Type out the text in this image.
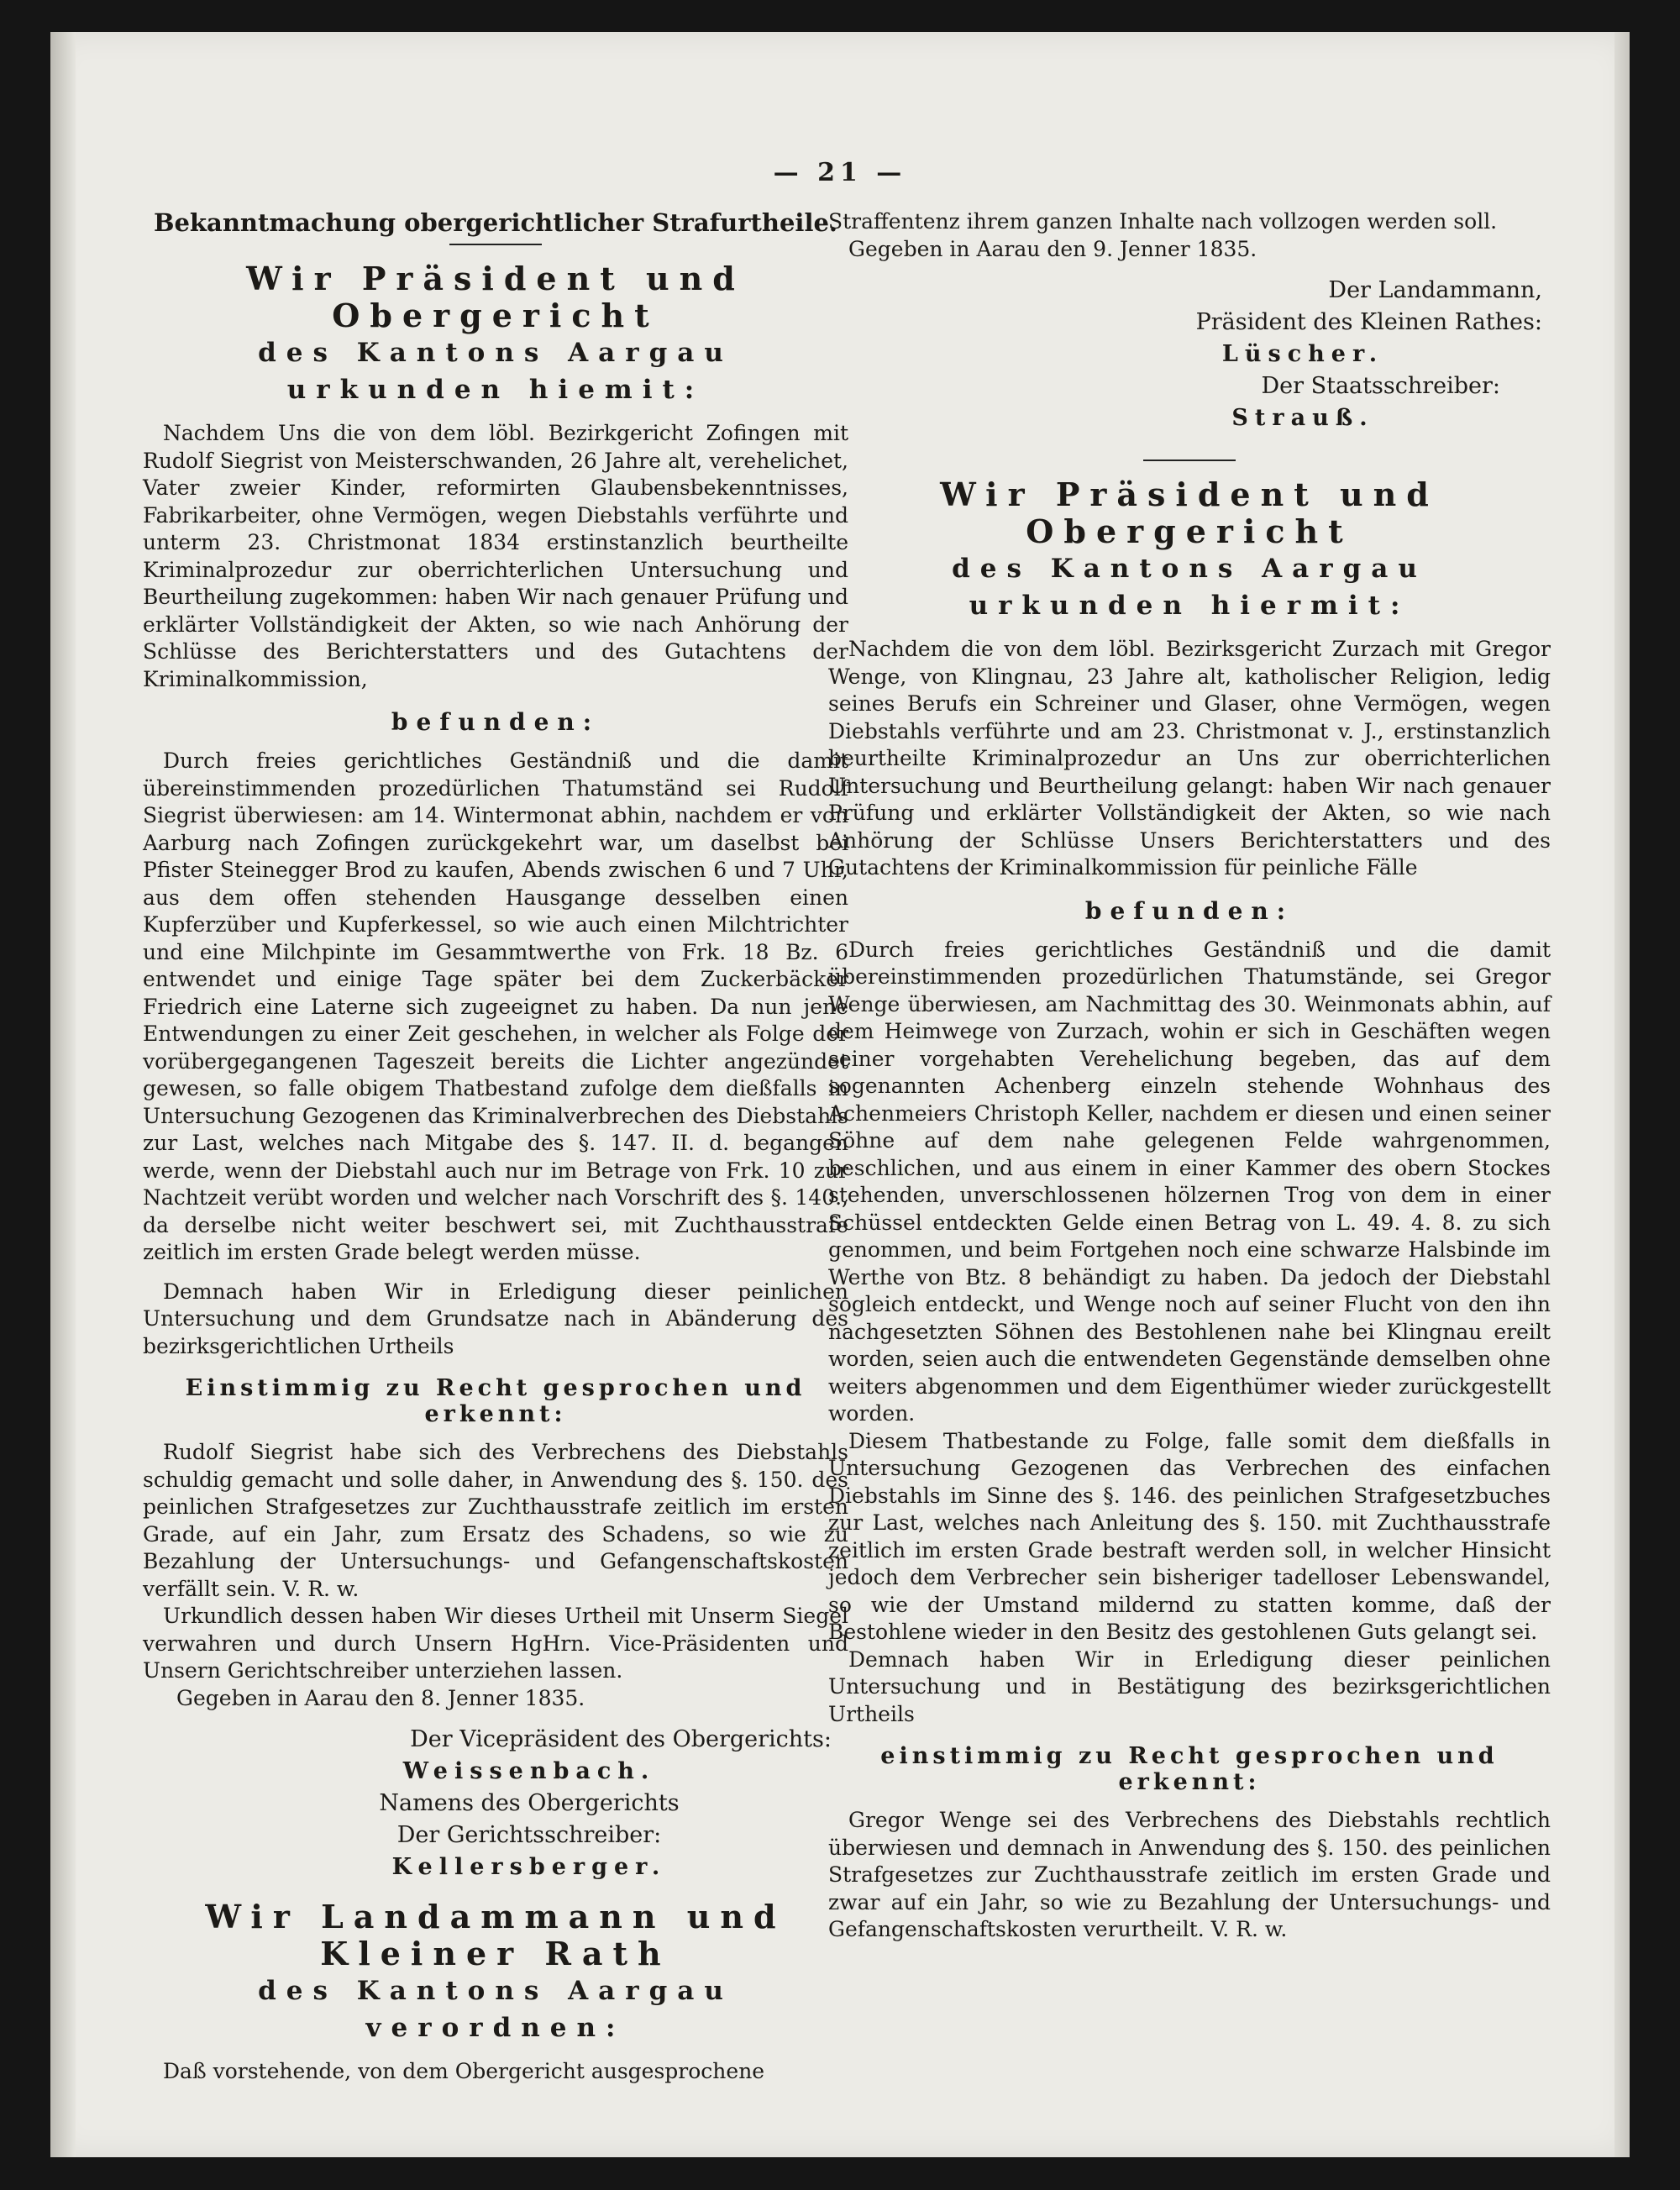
— 21 —

Bekanntmachung obergerichtlicher Strafurtheile.

Wir Präsident und Obergericht

des Kantons Aargau

urkunden hiemit:

Nachdem Uns die von dem löbl. Bezirkgericht Zofingen mit Rudolf Siegrist von Meisterschwanden, 26 Jahre alt, verehelichet, Vater zweier Kinder, reformirten Glaubensbekenntnisses, Fabrikarbeiter, ohne Vermögen, wegen Diebstahls verführte und unterm 23. Christmonat 1834 erstinstanzlich beurtheilte Kriminalprozedur zur oberrichterlichen Untersuchung und Beurtheilung zugekommen: haben Wir nach genauer Prüfung und erklärter Vollständigkeit der Akten, so wie nach Anhörung der Schlüsse des Berichterstatters und des Gutachtens der Kriminalkommission,

befunden:

Durch freies gerichtliches Geständniß und die damit übereinstimmenden prozedürlichen Thatumständ sei Rudolf Siegrist überwiesen: am 14. Wintermonat abhin, nachdem er von Aarburg nach Zofingen zurückgekehrt war, um daselbst bei Pfister Steinegger Brod zu kaufen, Abends zwischen 6 und 7 Uhr, aus dem offen stehenden Hausgange desselben einen Kupferzüber und Kupferkessel, so wie auch einen Milchtrichter und eine Milchpinte im Gesammtwerthe von Frk. 18 Bz. 6 entwendet und einige Tage später bei dem Zuckerbäcker Friedrich eine Laterne sich zugeeignet zu haben. Da nun jene Entwendungen zu einer Zeit geschehen, in welcher als Folge der vorübergegangenen Tageszeit bereits die Lichter angezündet gewesen, so falle obigem Thatbestand zufolge dem dießfalls in Untersuchung Gezogenen das Kriminalverbrechen des Diebstahls zur Last, welches nach Mitgabe des §. 147. II. d. begangen werde, wenn der Diebstahl auch nur im Betrage von Frk. 10 zur Nachtzeit verübt worden und welcher nach Vorschrift des §. 140., da derselbe nicht weiter beschwert sei, mit Zuchthausstrafe zeitlich im ersten Grade belegt werden müsse.

Demnach haben Wir in Erledigung dieser peinlichen Untersuchung und dem Grundsatze nach in Abänderung des bezirksgerichtlichen Urtheils

Einstimmig zu Recht gesprochen und erkennt:

Rudolf Siegrist habe sich des Verbrechens des Diebstahls schuldig gemacht und solle daher, in Anwendung des §. 150. des peinlichen Strafgesetzes zur Zuchthausstrafe zeitlich im ersten Grade, auf ein Jahr, zum Ersatz des Schadens, so wie zu Bezahlung der Untersuchungs- und Gefangenschaftskosten verfällt sein. V. R. w.

Urkundlich dessen haben Wir dieses Urtheil mit Unserm Siegel verwahren und durch Unsern HgHrn. Vice-Präsidenten und Unsern Gerichtschreiber unterziehen lassen.

Gegeben in Aarau den 8. Jenner 1835.

Der Vicepräsident des Obergerichts:

Weissenbach.

Namens des Obergerichts

Der Gerichtsschreiber:

Kellersberger.

Wir Landammann und Kleiner Rath

des Kantons Aargau

verordnen:

Daß vorstehende, von dem Obergericht ausgesprochene

Straffentenz ihrem ganzen Inhalte nach vollzogen werden soll.

Gegeben in Aarau den 9. Jenner 1835.

Der Landammann,

Präsident des Kleinen Rathes:

Lüscher.

Der Staatsschreiber:

Strauß.

Wir Präsident und Obergericht

des Kantons Aargau

urkunden hiermit:

Nachdem die von dem löbl. Bezirksgericht Zurzach mit Gregor Wenge, von Klingnau, 23 Jahre alt, katholischer Religion, ledig seines Berufs ein Schreiner und Glaser, ohne Vermögen, wegen Diebstahls verführte und am 23. Christmonat v. J., erstinstanzlich beurtheilte Kriminalprozedur an Uns zur oberrichterlichen Untersuchung und Beurtheilung gelangt: haben Wir nach genauer Prüfung und erklärter Vollständigkeit der Akten, so wie nach Anhörung der Schlüsse Unsers Berichterstatters und des Gutachtens der Kriminalkommission für peinliche Fälle

befunden:

Durch freies gerichtliches Geständniß und die damit übereinstimmenden prozedürlichen Thatumstände, sei Gregor Wenge überwiesen, am Nachmittag des 30. Weinmonats abhin, auf dem Heimwege von Zurzach, wohin er sich in Geschäften wegen seiner vorgehabten Verehelichung begeben, das auf dem sogenannten Achenberg einzeln stehende Wohnhaus des Achenmeiers Christoph Keller, nachdem er diesen und einen seiner Söhne auf dem nahe gelegenen Felde wahrgenommen, beschlichen, und aus einem in einer Kammer des obern Stockes stehenden, unverschlossenen hölzernen Trog von dem in einer Schüssel entdeckten Gelde einen Betrag von L. 49. 4. 8. zu sich genommen, und beim Fortgehen noch eine schwarze Halsbinde im Werthe von Btz. 8 behändigt zu haben. Da jedoch der Diebstahl sogleich entdeckt, und Wenge noch auf seiner Flucht von den ihn nachgesetzten Söhnen des Bestohlenen nahe bei Klingnau ereilt worden, seien auch die entwendeten Gegenstände demselben ohne weiters abgenommen und dem Eigenthümer wieder zurückgestellt worden.

Diesem Thatbestande zu Folge, falle somit dem dießfalls in Untersuchung Gezogenen das Verbrechen des einfachen Diebstahls im Sinne des §. 146. des peinlichen Strafgesetzbuches zur Last, welches nach Anleitung des §. 150. mit Zuchthausstrafe zeitlich im ersten Grade bestraft werden soll, in welcher Hinsicht jedoch dem Verbrecher sein bisheriger tadelloser Lebenswandel, so wie der Umstand mildernd zu statten komme, daß der Bestohlene wieder in den Besitz des gestohlenen Guts gelangt sei.

Demnach haben Wir in Erledigung dieser peinlichen Untersuchung und in Bestätigung des bezirksgerichtlichen Urtheils

einstimmig zu Recht gesprochen und erkennt:

Gregor Wenge sei des Verbrechens des Diebstahls rechtlich überwiesen und demnach in Anwendung des §. 150. des peinlichen Strafgesetzes zur Zuchthausstrafe zeitlich im ersten Grade und zwar auf ein Jahr, so wie zu Bezahlung der Untersuchungs- und Gefangenschaftskosten verurtheilt. V. R. w.
